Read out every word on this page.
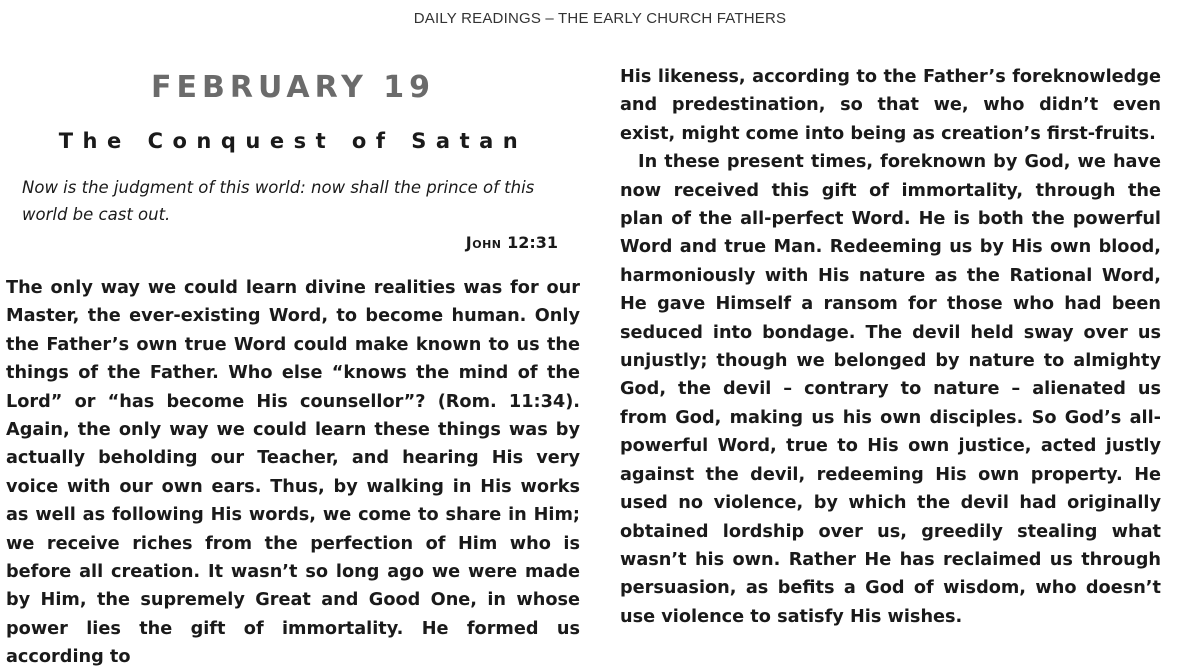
DAILY READINGS – THE EARLY CHURCH FATHERS
FEBRUARY 19
The Conquest of Satan
Now is the judgment of this world: now shall the prince of this world be cast out.
John 12:31

The only way we could learn divine realities was for our Master, the ever-existing Word, to become human. Only the Father’s own true Word could make known to us the things of the Father. Who else “knows the mind of the Lord” or “has become His counsellor”? (Rom. 11:34). Again, the only way we could learn these things was by actually beholding our Teacher, and hearing His very voice with our own ears. Thus, by walking in His works as well as following His words, we come to share in Him; we receive riches from the perfection of Him who is before all creation. It wasn’t so long ago we were made by Him, the supremely Great and Good One, in whose power lies the gift of immortality. He formed us according to

His likeness, according to the Father’s foreknowledge and predestination, so that we, who didn’t even exist, might come into being as creation’s first-fruits.

In these present times, foreknown by God, we have now received this gift of immortality, through the plan of the all-perfect Word. He is both the powerful Word and true Man. Redeeming us by His own blood, harmoniously with His nature as the Rational Word, He gave Himself a ransom for those who had been seduced into bondage. The devil held sway over us unjustly; though we belonged by nature to almighty God, the devil – contrary to nature – alienated us from God, making us his own disciples. So God’s all-powerful Word, true to His own justice, acted justly against the devil, redeeming His own property. He used no violence, by which the devil had originally obtained lordship over us, greedily stealing what wasn’t his own. Rather He has reclaimed us through persuasion, as befits a God of wisdom, who doesn’t use violence to satisfy His wishes.
